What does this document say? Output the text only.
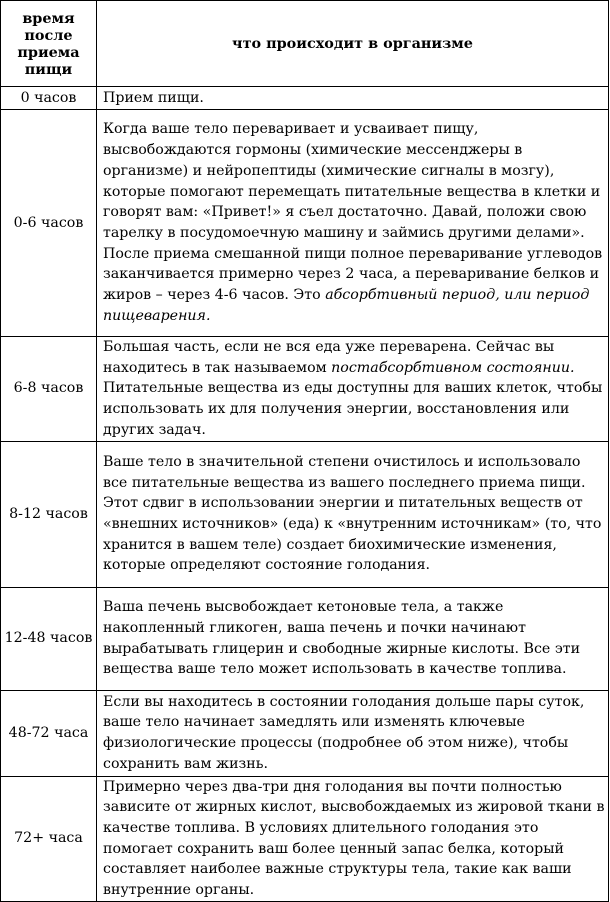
время после приема пищи	что происходит в организме
0 часов	Прием пищи.
0-6 часов	Когда ваше тело переваривает и усваивает пищу, высвобождаются гормоны (химические мессенджеры в организме) и нейропептиды (химические сигналы в мозгу), которые помогают перемещать питательные вещества в клетки и говорят вам: «Привет!» я съел достаточно. Давай, положи свою тарелку в посудомоечную машину и займись другими делами».
После приема смешанной пищи полное переваривание углеводов заканчивается примерно через 2 часа, а переваривание белков и жиров – через 4-6 часов. Это абсорбтивный период, или период пищеварения.
6-8 часов	Большая часть, если не вся еда уже переварена. Сейчас вы находитесь в так называемом постабсорбтивном состоянии. Питательные вещества из еды доступны для ваших клеток, чтобы использовать их для получения энергии, восстановления или других задач.
8-12 часов	Ваше тело в значительной степени очистилось и использовало все питательные вещества из вашего последнего приема пищи. Этот сдвиг в использовании энергии и питательных веществ от «внешних источников» (еда) к «внутренним источникам» (то, что хранится в вашем теле) создает биохимические изменения, которые определяют состояние голодания.
12-48 часов	Ваша печень высвобождает кетоновые тела, а также накопленный гликоген, ваша печень и почки начинают вырабатывать глицерин и свободные жирные кислоты. Все эти вещества ваше тело может использовать в качестве топлива.
48-72 часа	Если вы находитесь в состоянии голодания дольше пары суток, ваше тело начинает замедлять или изменять ключевые физиологические процессы (подробнее об этом ниже), чтобы сохранить вам жизнь.
72+ часа	Примерно через два-три дня голодания вы почти полностью зависите от жирных кислот, высвобождаемых из жировой ткани в качестве топлива. В условиях длительного голодания это помогает сохранить ваш более ценный запас белка, который составляет наиболее важные структуры тела, такие как ваши внутренние органы.
